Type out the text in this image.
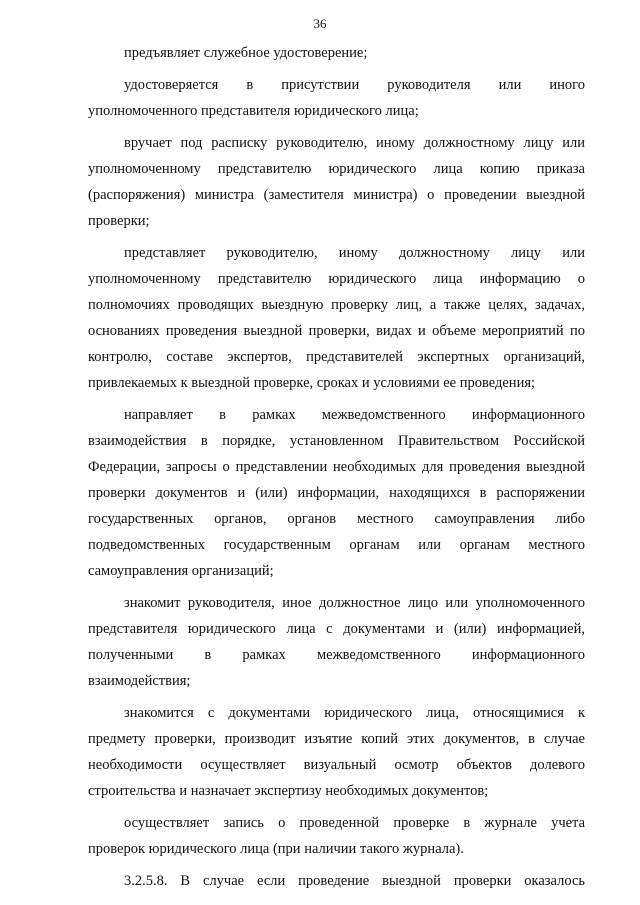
36

предъявляет служебное удостоверение;

удостоверяется в присутствии руководителя или иного
уполномоченного представителя юридического лица;

вручает под расписку руководителю, иному должностному лицу или
уполномоченному представителю юридического лица копию приказа
(распоряжения) министра (заместителя министра) о проведении выездной
проверки;

представляет руководителю, иному должностному лицу или
уполномоченному представителю юридического лица информацию о
полномочиях проводящих выездную проверку лиц, а также целях, задачах,
основаниях проведения выездной проверки, видах и объеме мероприятий по
контролю, составе экспертов, представителей экспертных организаций,
привлекаемых к выездной проверке, сроках и условиями ее проведения;

направляет в рамках межведомственного информационного
взаимодействия в порядке, установленном Правительством Российской
Федерации, запросы о представлении необходимых для проведения выездной
проверки документов и (или) информации, находящихся в распоряжении
государственных органов, органов местного самоуправления либо
подведомственных государственным органам или органам местного
самоуправления организаций;

знакомит руководителя, иное должностное лицо или уполномоченного
представителя юридического лица с документами и (или) информацией,
полученными в рамках межведомственного информационного
взаимодействия;

знакомится с документами юридического лица, относящимися к
предмету проверки, производит изъятие копий этих документов, в случае
необходимости осуществляет визуальный осмотр объектов долевого
строительства и назначает экспертизу необходимых документов;

осуществляет запись о проведенной проверке в журнале учета
проверок юридического лица (при наличии такого журнала).

3.2.5.8. В случае если проведение выездной проверки оказалось
